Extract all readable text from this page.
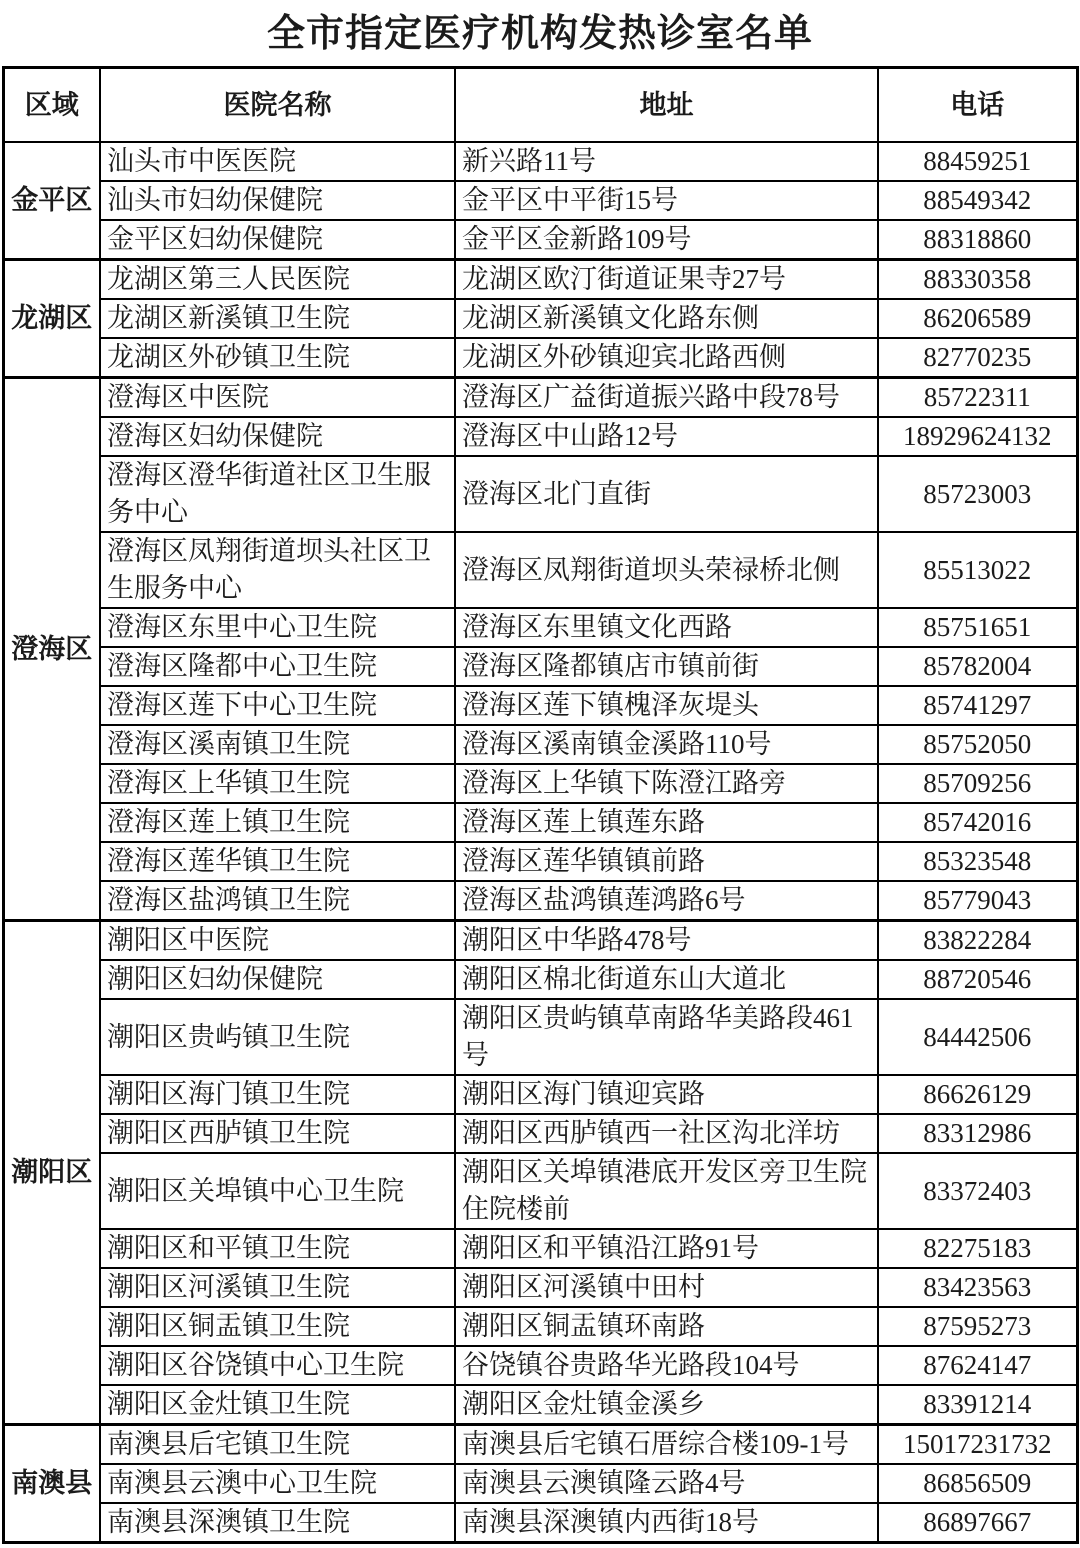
全市指定医疗机构发热诊室名单
区域	医院名称	地址	电话
金平区	汕头市中医医院	新兴路11号	88459251
	汕头市妇幼保健院	金平区中平街15号	88549342
	金平区妇幼保健院	金平区金新路109号	88318860
龙湖区	龙湖区第三人民医院	龙湖区欧汀街道证果寺27号	88330358
	龙湖区新溪镇卫生院	龙湖区新溪镇文化路东侧	86206589
	龙湖区外砂镇卫生院	龙湖区外砂镇迎宾北路西侧	82770235
澄海区	澄海区中医院	澄海区广益街道振兴路中段78号	85722311
	澄海区妇幼保健院	澄海区中山路12号	18929624132
	澄海区澄华街道社区卫生服务中心	澄海区北门直街	85723003
	澄海区凤翔街道坝头社区卫生服务中心	澄海区凤翔街道坝头荣禄桥北侧	85513022
	澄海区东里中心卫生院	澄海区东里镇文化西路	85751651
	澄海区隆都中心卫生院	澄海区隆都镇店市镇前街	85782004
	澄海区莲下中心卫生院	澄海区莲下镇槐泽灰堤头	85741297
	澄海区溪南镇卫生院	澄海区溪南镇金溪路110号	85752050
	澄海区上华镇卫生院	澄海区上华镇下陈澄江路旁	85709256
	澄海区莲上镇卫生院	澄海区莲上镇莲东路	85742016
	澄海区莲华镇卫生院	澄海区莲华镇镇前路	85323548
	澄海区盐鸿镇卫生院	澄海区盐鸿镇莲鸿路6号	85779043
潮阳区	潮阳区中医院	潮阳区中华路478号	83822284
	潮阳区妇幼保健院	潮阳区棉北街道东山大道北	88720546
	潮阳区贵屿镇卫生院	潮阳区贵屿镇草南路华美路段461号	84442506
	潮阳区海门镇卫生院	潮阳区海门镇迎宾路	86626129
	潮阳区西胪镇卫生院	潮阳区西胪镇西一社区沟北洋坊	83312986
	潮阳区关埠镇中心卫生院	潮阳区关埠镇港底开发区旁卫生院住院楼前	83372403
	潮阳区和平镇卫生院	潮阳区和平镇沿江路91号	82275183
	潮阳区河溪镇卫生院	潮阳区河溪镇中田村	83423563
	潮阳区铜盂镇卫生院	潮阳区铜盂镇环南路	87595273
	潮阳区谷饶镇中心卫生院	谷饶镇谷贵路华光路段104号	87624147
	潮阳区金灶镇卫生院	潮阳区金灶镇金溪乡	83391214
南澳县	南澳县后宅镇卫生院	南澳县后宅镇石厝综合楼109-1号	15017231732
	南澳县云澳中心卫生院	南澳县云澳镇隆云路4号	86856509
	南澳县深澳镇卫生院	南澳县深澳镇内西街18号	86897667
